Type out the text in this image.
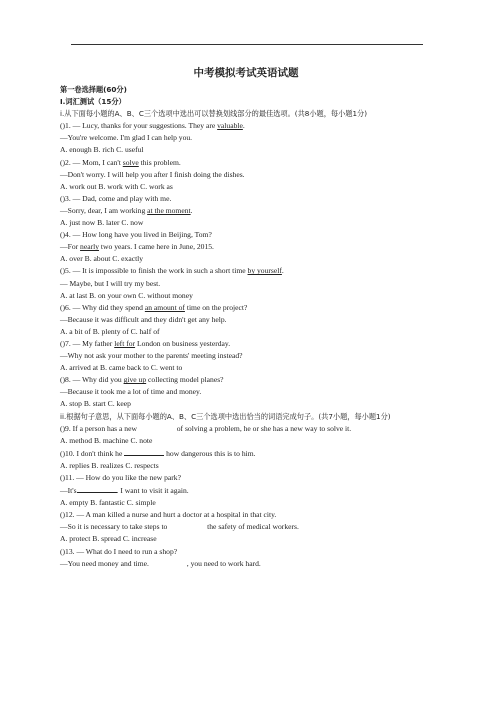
中考模拟考试英语试题
第一卷选择题(60分)
I.词汇测试（15分）
i.从下面每小题的A、B、C三个选项中选出可以替换划线部分的最佳选项。(共8小题，每小题1分)
()1. — Lucy, thanks for your suggestions. They are valuable.
—You're welcome. I'm glad I can help you.
A. enough B. rich C. useful
()2. — Mom, I can't solve this problem.
—Don't worry. I will help you after I finish doing the dishes.
A. work out B. work with C. work as
()3. — Dad, come and play with me.
—Sorry, dear, I am working at the moment.
A. just now B. later C. now
()4. — How long have you lived in Beijing, Tom?
—For nearly two years. I came here in June, 2015.
A. over B. about C. exactly
()5. — It is impossible to finish the work in such a short time by yourself.
— Maybe, but I will try my best.
A. at last B. on your own C. without money
()6. — Why did they spend an amount of time on the project?
—Because it was difficult and they didn't get any help.
A. a bit of B. plenty of C. half of
()7. — My father left for London on business yesterday.
—Why not ask your mother to the parents' meeting instead?
A. arrived at B. came back to C. went to
()8. — Why did you give up collecting model planes?
—Because it took me a lot of time and money.
A. stop B. start C. keep
ii.根据句子意思，从下面每小题的A、B、C三个选项中选出恰当的词语完成句子。(共7小题，每小题1分)
()9. If a person has a new	of solving a problem, he or she has a new way to solve it.
A. method B. machine C. note
()10. I don't think he	how dangerous this is to him.
A. replies B. realizes C. respects
()11. — How do you like the new park?
—It's	. I want to visit it again.
A. empty B. fantastic C. simple
()12. — A man killed a nurse and hurt a doctor at a hospital in that city.
—So it is necessary to take steps to	the safety of medical workers.
A. protect B. spread C. increase
()13. — What do I need to run a shop?
—You need money and time.	, you need to work hard.
